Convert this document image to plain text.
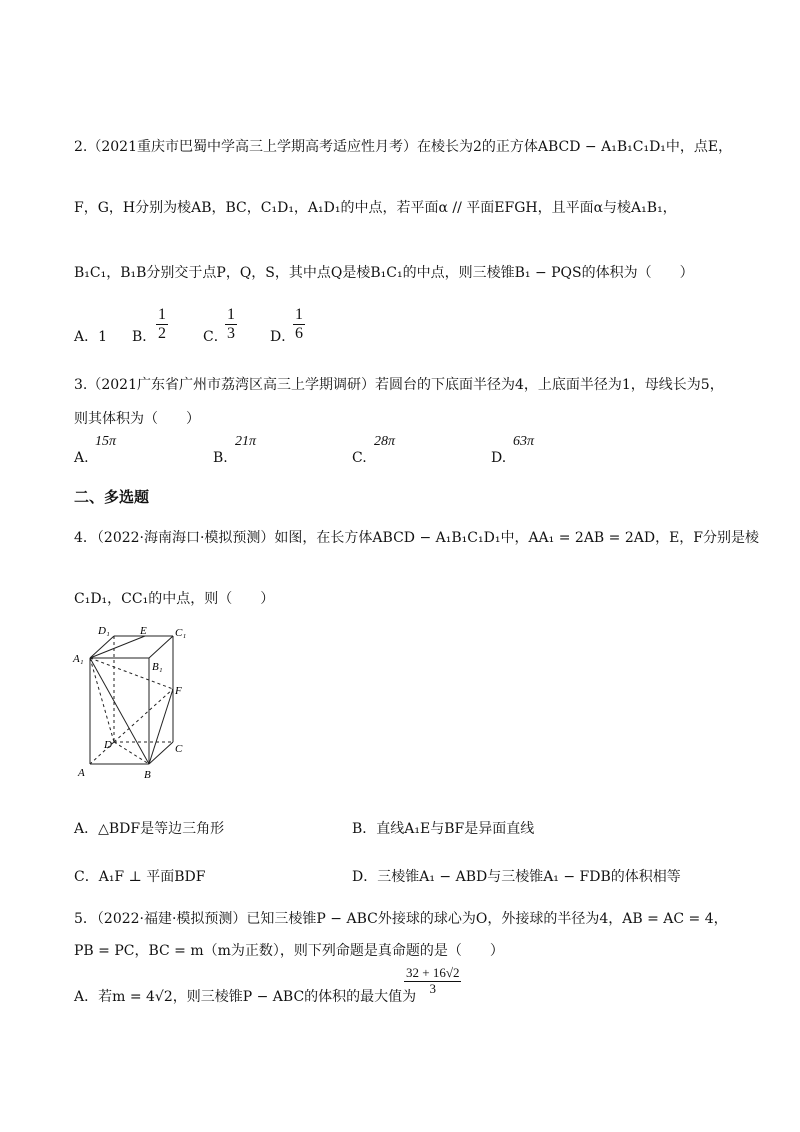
2.（2021重庆市巴蜀中学高三上学期高考适应性月考）在棱长为2的正方体ABCD − A₁B₁C₁D₁中，点E，
F，G，H分别为棱AB，BC，C₁D₁，A₁D₁的中点，若平面α // 平面EFGH，且平面α与棱A₁B₁，
B₁C₁，B₁B分别交于点P，Q，S，其中点Q是棱B₁C₁的中点，则三棱锥B₁ − PQS的体积为（　　）
A．1 B． $\frac{1}{2}$	C．
$\frac{1}{3}$ D．
$\frac{1}{6}$
3.（2021广东省广州市荔湾区高三上学期调研）若圆台的下底面半径为4，上底面半径为1，母线长为5，
则其体积为（　　）
A.
15π
B.
21π
C.
28π
D.
63π
二、多选题
4．（2022·海南海口·模拟预测）如图，在长方体ABCD − A₁B₁C₁D₁中，AA₁ = 2AB = 2AD，E，F分别是棱
C₁D₁，CC₁的中点，则（　　）
D₁	E	C₁
A₁
B₁
F
D	C
A	B
A．△BDF是等边三角形	B．直线A₁E与BF是异面直线
C．A₁F ⊥ 平面BDF	D．三棱锥A₁ − ABD与三棱锥A₁ − FDB的体积相等
5．（2022·福建·模拟预测）已知三棱锥P − ABC外接球的球心为O，外接球的半径为4，AB = AC = 4，
PB = PC，BC = m（m为正数），则下列命题是真命题的是（　　）
A．若m = 4√2，则三棱锥P − ABC的体积的最大值为
$\frac{32 + 16√2}{3}$
